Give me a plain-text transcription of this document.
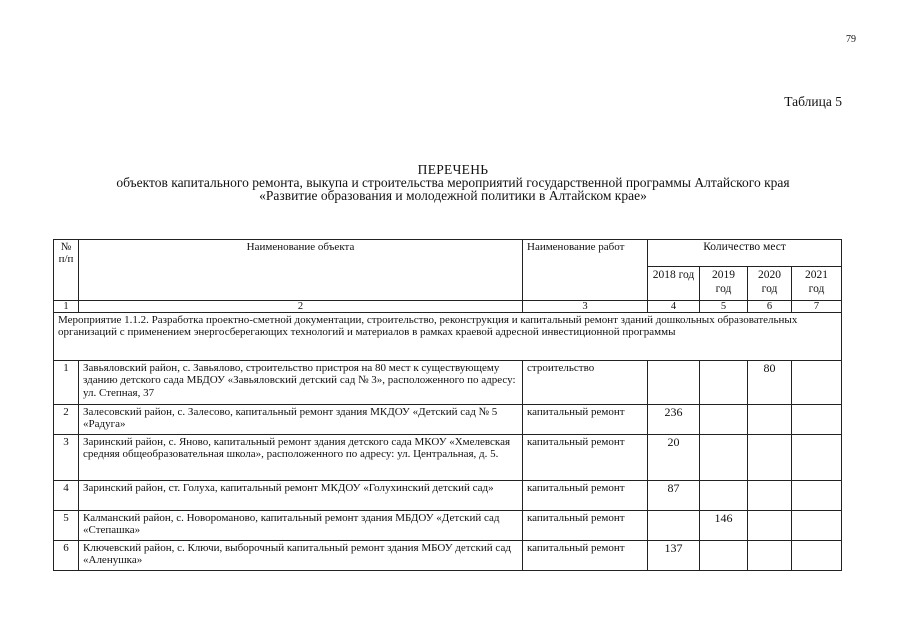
79
Таблица 5
ПЕРЕЧЕНЬ
объектов капитального ремонта, выкупа и строительства мероприятий государственной программы Алтайского края
«Развитие образования и молодежной политики в Алтайском крае»
№ п/п	Наименование объекта	Наименование работ	Количество мест			
			2018 год	2019 год	2020 год	2021 год
1	2	3	4	5	6	7
Мероприятие 1.1.2. Разработка проектно-сметной документации, строительство, реконструкция и капитальный ремонт зданий дошкольных образовательных организаций с применением энергосберегающих технологий и материалов в рамках краевой адресной инвестиционной программы						
1	Завьяловский район, с. Завьялово, строительство пристроя на 80 мест к существующему зданию детского сада МБДОУ «Завьяловский детский сад № 3», расположенного по адресу: ул. Степная, 37	строительство			80	
2	Залесовский район, с. Залесово, капитальный ремонт здания МКДОУ «Детский сад № 5 «Радуга»	капитальный ремонт	236			
3	Заринский район, с. Яново, капитальный ремонт здания детского сада МКОУ «Хмелевская средняя общеобразовательная школа», расположенного по адресу: ул. Центральная, д. 5.	капитальный ремонт	20			
4	Заринский район, ст. Голуха, капитальный ремонт МКДОУ «Голухинский детский сад»	капитальный ремонт	87			
5	Калманский район, с. Новороманово, капитальный ремонт здания МБДОУ «Детский сад «Степашка»	капитальный ремонт		146		
6	Ключевский район, с. Ключи, выборочный капитальный ремонт здания МБОУ детский сад «Аленушка»	капитальный ремонт	137			
